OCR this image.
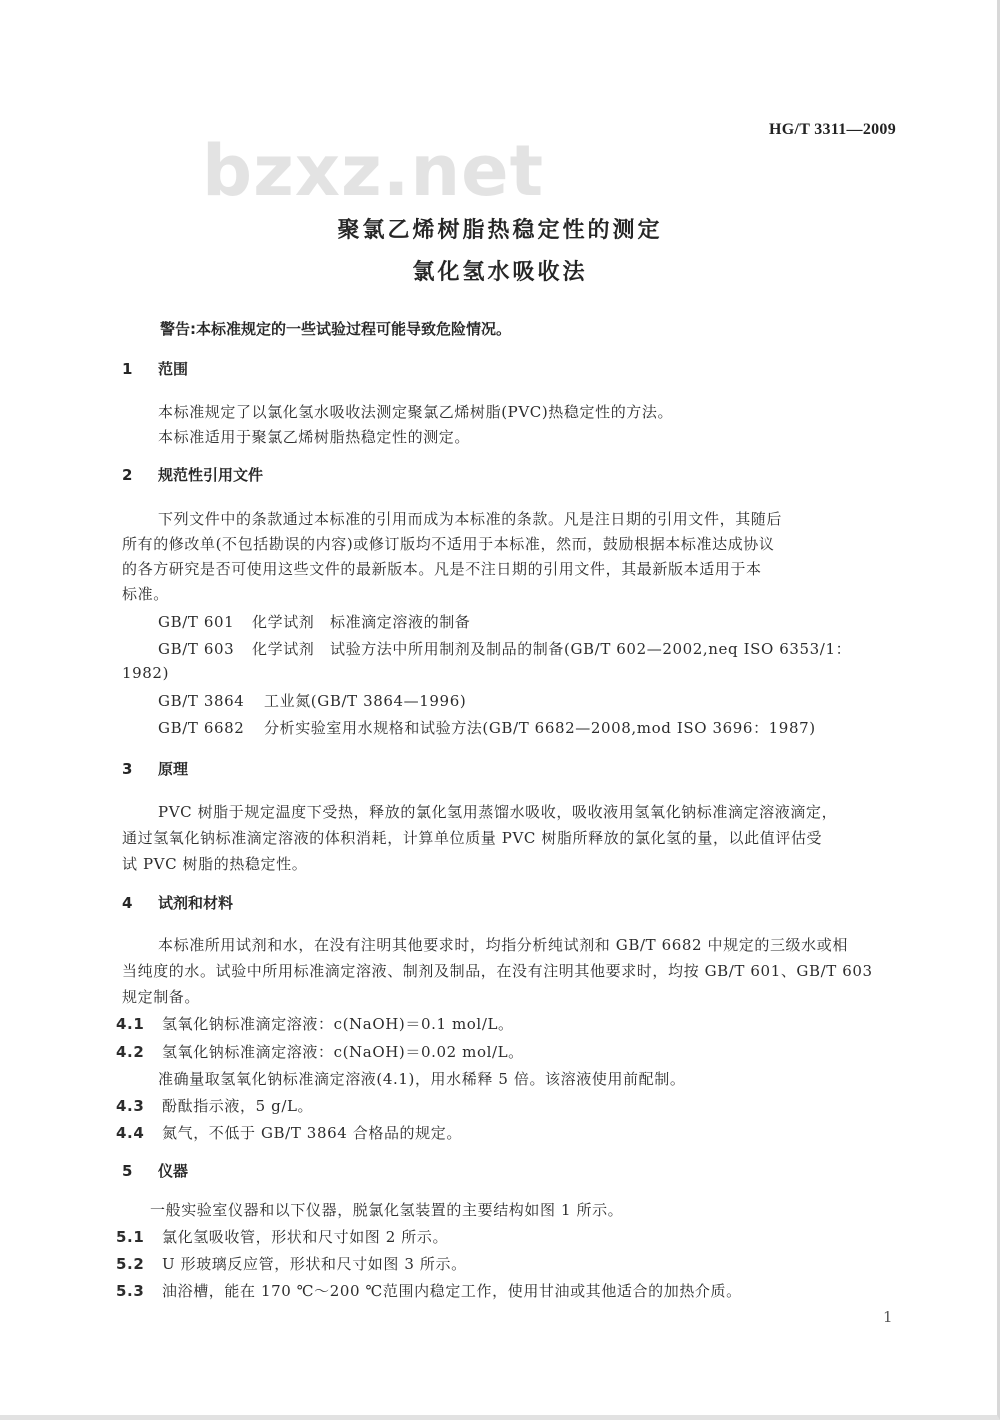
HG/T 3311—2009
bzxz.net
聚氯乙烯树脂热稳定性的测定
氯化氢水吸收法
警告:本标准规定的一些试验过程可能导致危险情况。
1 范围
本标准规定了以氯化氢水吸收法测定聚氯乙烯树脂(PVC)热稳定性的方法。
本标准适用于聚氯乙烯树脂热稳定性的测定。
2 规范性引用文件
下列文件中的条款通过本标准的引用而成为本标准的条款。凡是注日期的引用文件，其随后
所有的修改单(不包括勘误的内容)或修订版均不适用于本标准，然而，鼓励根据本标准达成协议
的各方研究是否可使用这些文件的最新版本。凡是不注日期的引用文件，其最新版本适用于本
标准。
GB/T 601 化学试剂　标准滴定溶液的制备
GB/T 603 化学试剂　试验方法中所用制剂及制品的制备(GB/T 602—2002,neq ISO 6353/1：
1982)
GB/T 3864 工业氮(GB/T 3864—1996)
GB/T 6682 分析实验室用水规格和试验方法(GB/T 6682—2008,mod ISO 3696：1987)
3 原理
PVC 树脂于规定温度下受热，释放的氯化氢用蒸馏水吸收，吸收液用氢氧化钠标准滴定溶液滴定，
通过氢氧化钠标准滴定溶液的体积消耗，计算单位质量 PVC 树脂所释放的氯化氢的量，以此值评估受
试 PVC 树脂的热稳定性。
4 试剂和材料
本标准所用试剂和水，在没有注明其他要求时，均指分析纯试剂和 GB/T 6682 中规定的三级水或相
当纯度的水。试验中所用标准滴定溶液、制剂及制品，在没有注明其他要求时，均按 GB/T 601、GB/T 603
规定制备。
4.1 氢氧化钠标准滴定溶液：c(NaOH)＝0.1 mol/L。
4.2 氢氧化钠标准滴定溶液：c(NaOH)＝0.02 mol/L。
准确量取氢氧化钠标准滴定溶液(4.1)，用水稀释 5 倍。该溶液使用前配制。
4.3 酚酞指示液，5 g/L。
4.4 氮气，不低于 GB/T 3864 合格品的规定。
5 仪器
一般实验室仪器和以下仪器，脱氯化氢装置的主要结构如图 1 所示。
5.1 氯化氢吸收管，形状和尺寸如图 2 所示。
5.2 U 形玻璃反应管，形状和尺寸如图 3 所示。
5.3 油浴槽，能在 170 ℃～200 ℃范围内稳定工作，使用甘油或其他适合的加热介质。
1
